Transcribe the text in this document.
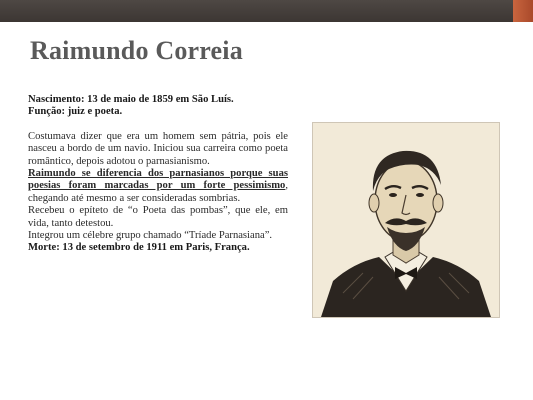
Raimundo Correia

Nascimento: 13 de maio de 1859 em São Luís.

Função: juiz e poeta.

Costumava dizer que era um homem sem pátria, pois ele nasceu a bordo de um navio. Iniciou sua carreira como poeta romântico, depois adotou o parnasianismo.

Raimundo se diferencia dos parnasianos porque suas poesias foram marcadas por um forte pessimismo, chegando até mesmo a ser consideradas sombrias.

Recebeu o epíteto de “o Poeta das pombas”, que ele, em vida, tanto detestou.

Integrou um célebre grupo chamado “Tríade Parnasiana”.

Morte: 13 de setembro de 1911 em Paris, França.
